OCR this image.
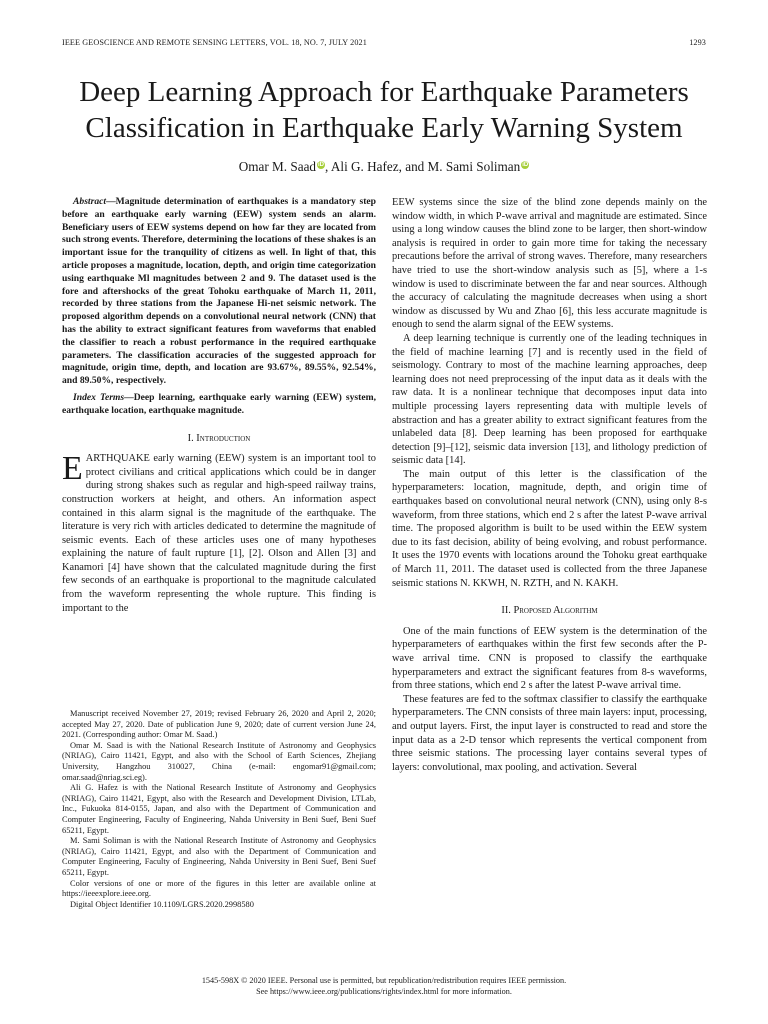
IEEE GEOSCIENCE AND REMOTE SENSING LETTERS, VOL. 18, NO. 7, JULY 2021	1293
Deep Learning Approach for Earthquake Parameters
Classification in Earthquake Early Warning System
Omar M. Saad iD, Ali G. Hafez, and M. Sami Soliman iD

Abstract—Magnitude determination of earthquakes is a mandatory step before an earthquake early warning (EEW) system sends an alarm. Beneficiary users of EEW systems depend on how far they are located from such strong events. Therefore, determining the locations of these shakes is an important issue for the tranquility of citizens as well. In light of that, this article proposes a magnitude, location, depth, and origin time categorization using earthquake Ml magnitudes between 2 and 9. The dataset used is the fore and aftershocks of the great Tohoku earthquake of March 11, 2011, recorded by three stations from the Japanese Hi-net seismic network. The proposed algorithm depends on a convolutional neural network (CNN) that has the ability to extract significant features from waveforms that enabled the classifier to reach a robust performance in the required earthquake parameters. The classification accuracies of the suggested approach for magnitude, origin time, depth, and location are 93.67%, 89.55%, 92.54%, and 89.50%, respectively.

Index Terms—Deep learning, earthquake early warning (EEW) system, earthquake location, earthquake magnitude.

I. Introduction

EARTHQUAKE early warning (EEW) system is an important tool to protect civilians and critical applications which could be in danger during strong shakes such as regular and high-speed railway trains, construction workers at height, and others. An information aspect contained in this alarm signal is the magnitude of the earthquake. The literature is very rich with articles dedicated to determine the magnitude of seismic events. Each of these articles uses one of many hypotheses explaining the nature of fault rupture [1], [2]. Olson and Allen [3] and Kanamori [4] have shown that the calculated magnitude during the first few seconds of an earthquake is proportional to the magnitude calculated from the waveform representing the whole rupture. This finding is important to the

Manuscript received November 27, 2019; revised February 26, 2020 and April 2, 2020; accepted May 27, 2020. Date of publication June 9, 2020; date of current version June 24, 2021. (Corresponding author: Omar M. Saad.)

Omar M. Saad is with the National Research Institute of Astronomy and Geophysics (NRIAG), Cairo 11421, Egypt, and also with the School of Earth Sciences, Zhejiang University, Hangzhou 310027, China (e-mail: engomar91@gmail.com; omar.saad@nriag.sci.eg).

Ali G. Hafez is with the National Research Institute of Astronomy and Geophysics (NRIAG), Cairo 11421, Egypt, also with the Research and Development Division, LTLab, Inc., Fukuoka 814-0155, Japan, and also with the Department of Communication and Computer Engineering, Faculty of Engineering, Nahda University in Beni Suef, Beni Suef 65211, Egypt.

M. Sami Soliman is with the National Research Institute of Astronomy and Geophysics (NRIAG), Cairo 11421, Egypt, and also with the Department of Communication and Computer Engineering, Faculty of Engineering, Nahda University in Beni Suef, Beni Suef 65211, Egypt.

Color versions of one or more of the figures in this letter are available online at https://ieeexplore.ieee.org.

Digital Object Identifier 10.1109/LGRS.2020.2998580

EEW systems since the size of the blind zone depends mainly on the window width, in which P-wave arrival and magnitude are estimated. Since using a long window causes the blind zone to be larger, then short-window analysis is required in order to gain more time for taking the necessary precautions before the arrival of strong waves. Therefore, many researchers have tried to use the short-window analysis such as [5], where a 1-s window is used to discriminate between the far and near sources. Although the accuracy of calculating the magnitude decreases when using a short window as discussed by Wu and Zhao [6], this less accurate magnitude is enough to send the alarm signal of the EEW systems.

A deep learning technique is currently one of the leading techniques in the field of machine learning [7] and is recently used in the field of seismology. Contrary to most of the machine learning approaches, deep learning does not need preprocessing of the input data as it deals with the raw data. It is a nonlinear technique that decomposes input data into multiple processing layers representing data with multiple levels of abstraction and has a greater ability to extract significant features from the unlabeled data [8]. Deep learning has been proposed for earthquake detection [9]–[12], seismic data inversion [13], and lithology prediction of seismic data [14].

The main output of this letter is the classification of the hyperparameters: location, magnitude, depth, and origin time of earthquakes based on convolutional neural network (CNN), using only 8-s waveform, from three stations, which end 2 s after the latest P-wave arrival time. The proposed algorithm is built to be used within the EEW system due to its fast decision, ability of being evolving, and robust performance. It uses the 1970 events with locations around the Tohoku great earthquake of March 11, 2011. The dataset used is collected from the three Japanese seismic stations N. KKWH, N. RZTH, and N. KAKH.

II. Proposed Algorithm

One of the main functions of EEW system is the determination of the hyperparameters of earthquakes within the first few seconds after the P-wave arrival time. CNN is proposed to classify the earthquake hyperparameters and extract the significant features from 8-s waveforms, from three stations, which end 2 s after the latest P-wave arrival time.

These features are fed to the softmax classifier to classify the earthquake hyperparameters. The CNN consists of three main layers: input, processing, and output layers. First, the input layer is constructed to read and store the input data as a 2-D tensor which represents the vertical component from three seismic stations. The processing layer contains several types of layers: convolutional, max pooling, and activation. Several

1545-598X © 2020 IEEE. Personal use is permitted, but republication/redistribution requires IEEE permission.
See https://www.ieee.org/publications/rights/index.html for more information.
